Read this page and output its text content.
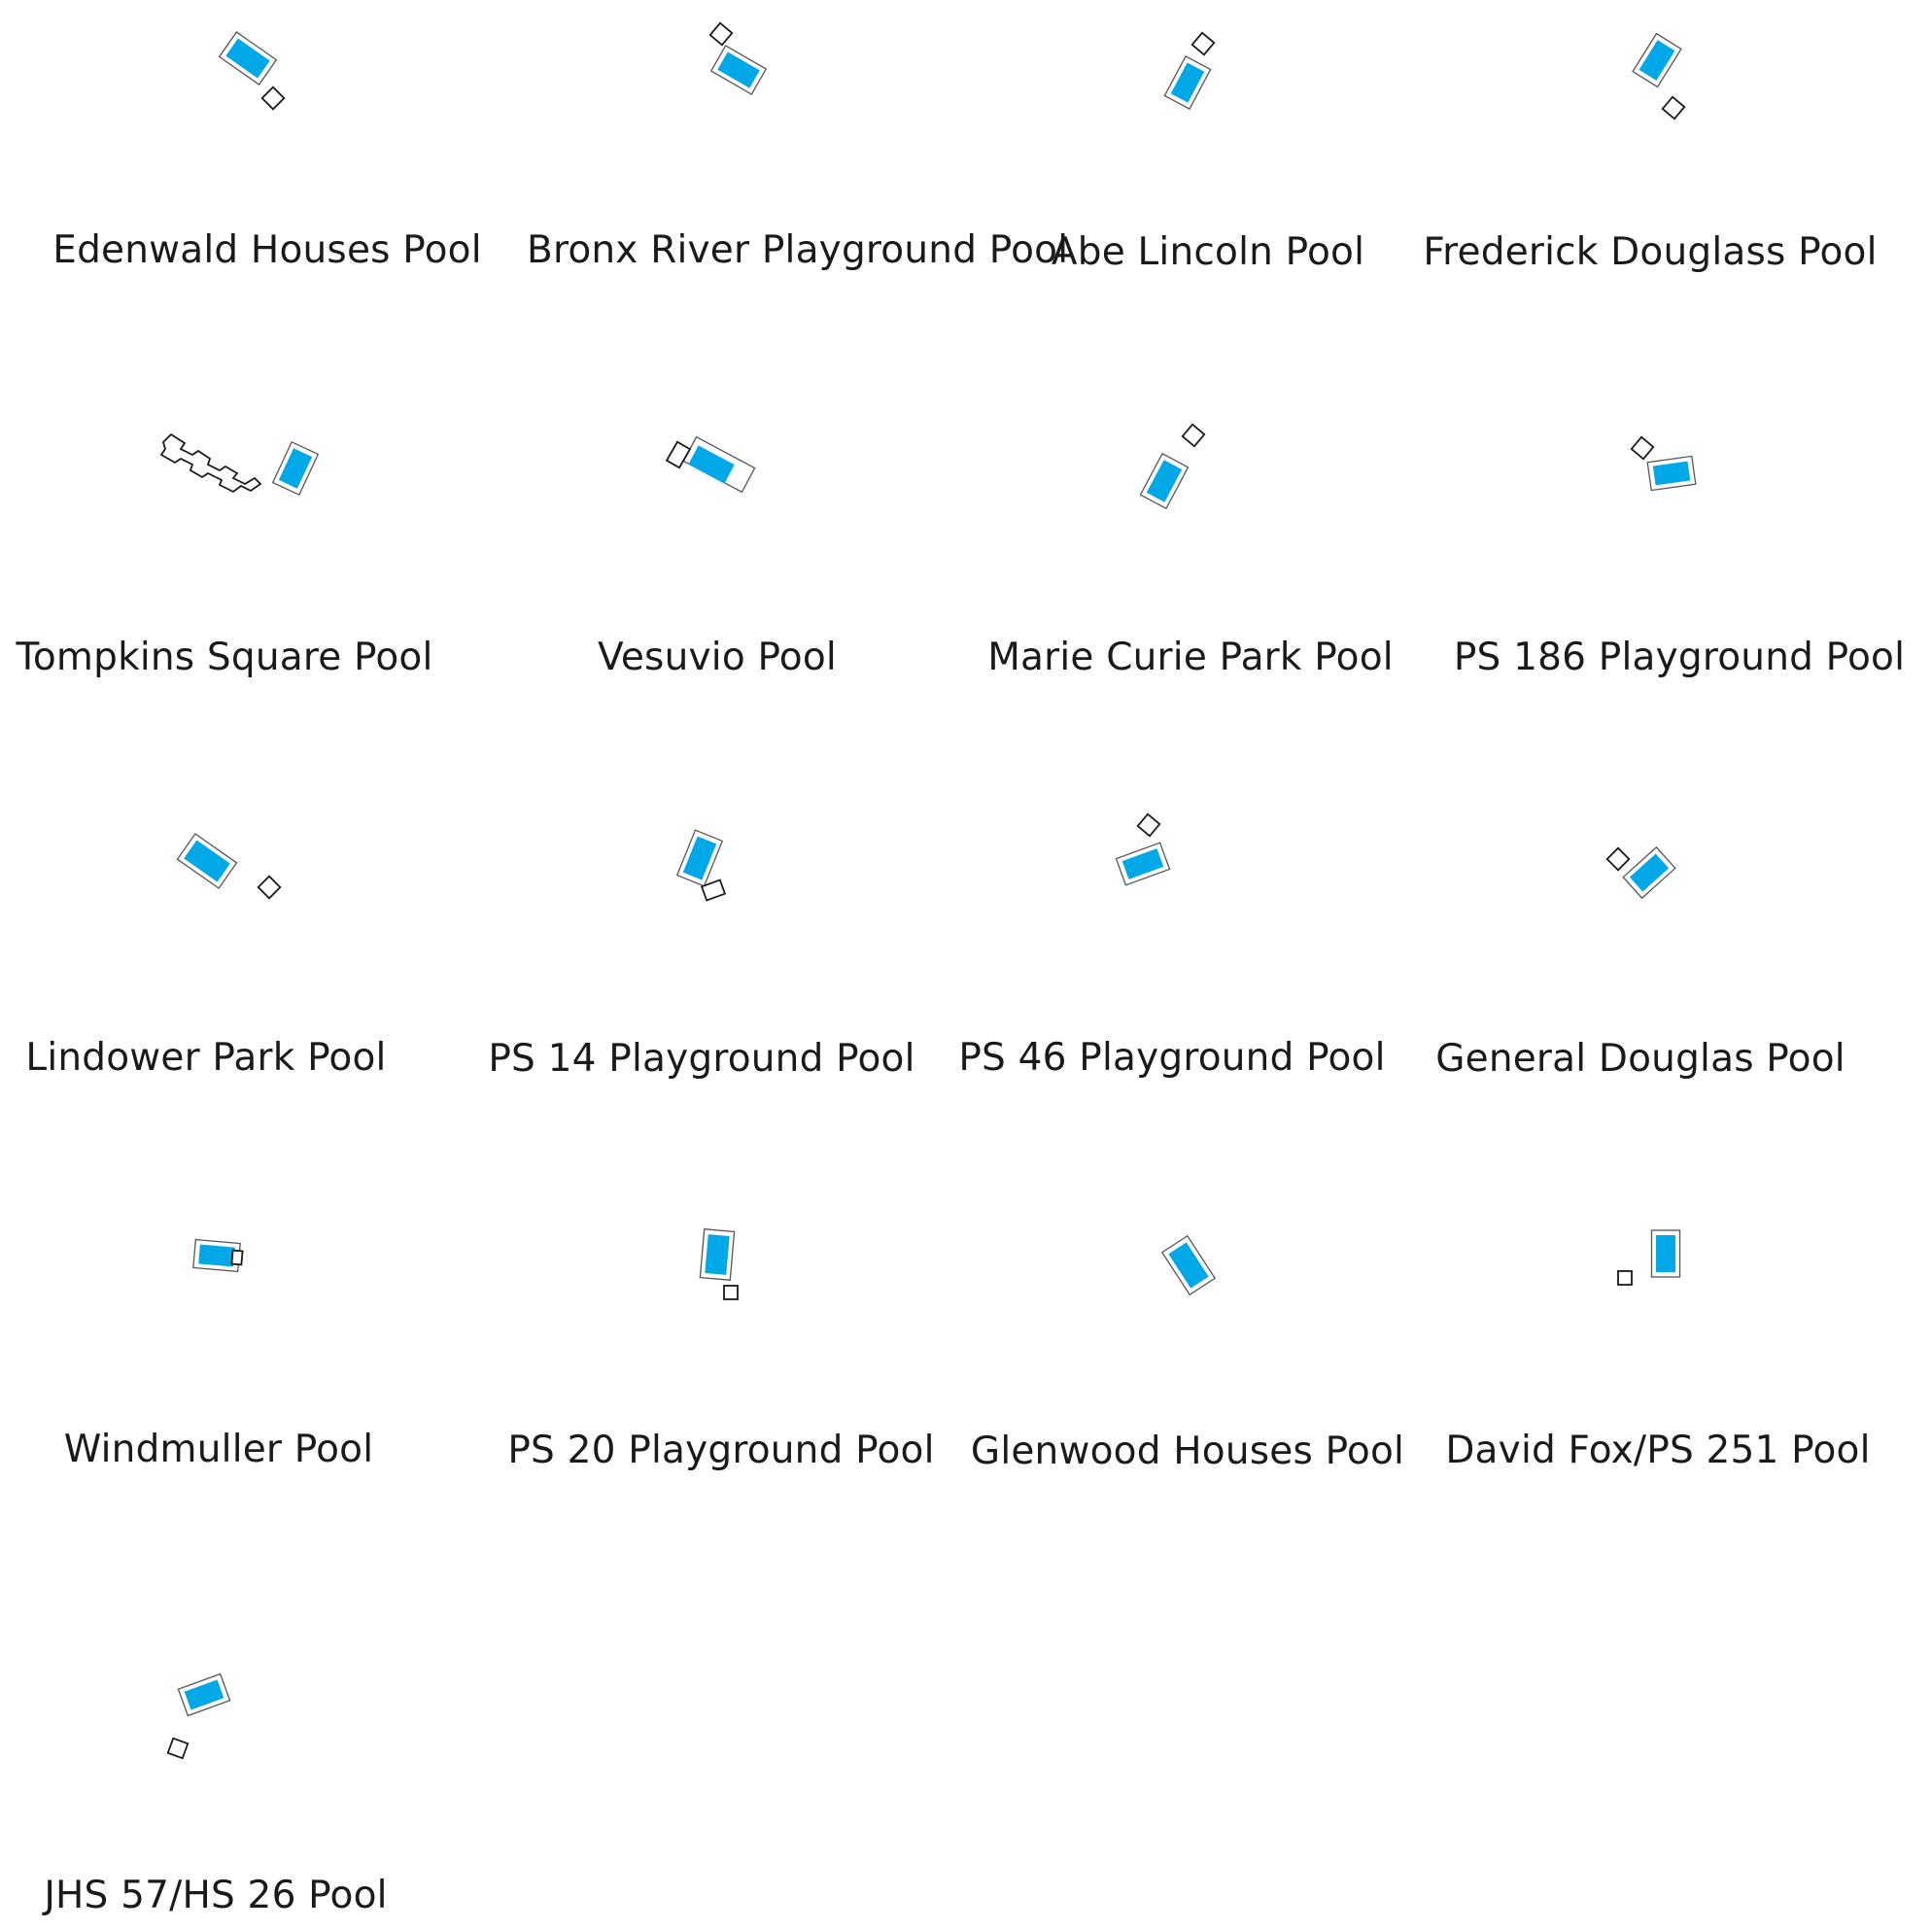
Edenwald Houses Pool	Bronx River Playground Pool
Abe Lincoln Pool	Frederick Douglass Pool
Tompkins Square Pool	Vesuvio Pool	Marie Curie Park Pool	PS 186 Playground Pool
Lindower Park Pool	PS 14 Playground Pool	PS 46 Playground Pool	General Douglas Pool
Windmuller Pool	PS 20 Playground Pool Glenwood Houses Pool	David Fox/PS 251 Pool
JHS 57/HS 26 Pool
